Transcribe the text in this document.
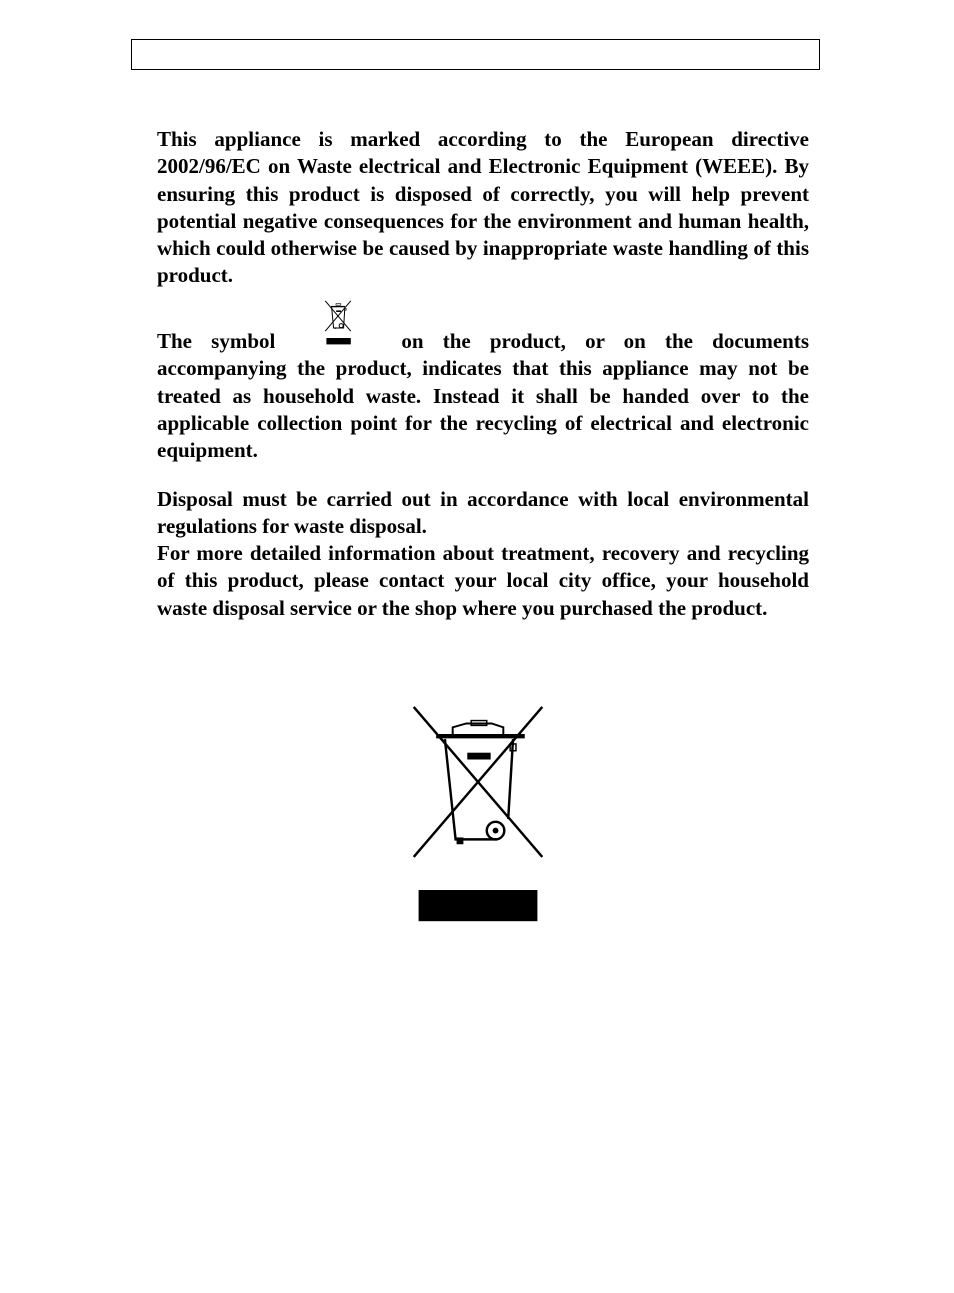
This appliance is marked according to the European directive 2002/96/EC on Waste electrical and Electronic Equipment (WEEE). By ensuring this product is disposed of correctly, you will help prevent potential negative consequences for the environment and human health, which could otherwise be caused by inappropriate waste handling of this product.

The symbol	on the product, or on the documents accompanying the product, indicates that this appliance may not be treated as household waste. Instead it shall be handed over to the applicable collection point for the recycling of electrical and electronic equipment.

Disposal must be carried out in accordance with local environmental regulations for waste disposal.

For more detailed information about treatment, recovery and recycling of this product, please contact your local city office, your household waste disposal service or the shop where you purchased the product.
